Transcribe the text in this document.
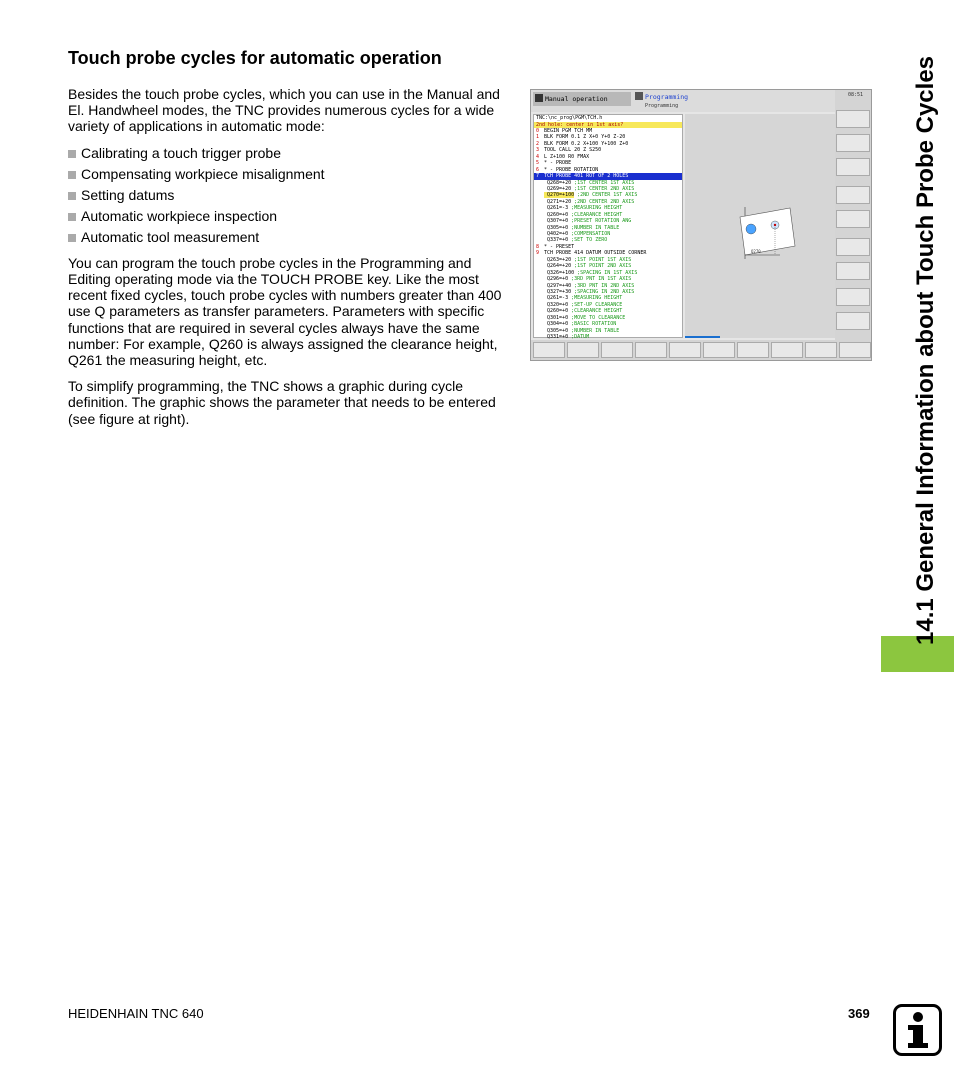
Touch probe cycles for automatic operation

Besides the touch probe cycles, which you can use in the Manual and El. Handwheel modes, the TNC provides numerous cycles for a wide variety of applications in automatic mode:

Calibrating a touch trigger probe
Compensating workpiece misalignment
Setting datums
Automatic workpiece inspection
Automatic tool measurement

You can program the touch probe cycles in the Programming and Editing operating mode via the TOUCH PROBE key. Like the most recent fixed cycles, touch probe cycles with numbers greater than 400 use Q parameters as transfer parameters. Parameters with specific functions that are required in several cycles always have the same number: For example, Q260 is always assigned the clearance height, Q261 the measuring height, etc.

To simplify programming, the TNC shows a graphic during cycle definition. The graphic shows the parameter that needs to be entered (see figure at right).

Manual operation	Programming
Programming
08:51
TNC:\nc_prog\PGM\TCH.h
2nd hole: center in 1st axis?
0 BEGIN PGM TCH MM
1 BLK FORM 0.1 Z X+0 Y+0 Z-20
2 BLK FORM 0.2 X+100 Y+100 Z+0
3 TOOL CALL 20 Z S250
4 L Z+100 R0 FMAX
5 * - PROBE
6 * - PROBE ROTATION
7 TCH PROBE 401 ROT OF 2 HOLES
Q268=+20 ;1ST CENTER 1ST AXIS
Q269=+20 ;1ST CENTER 2ND AXIS
Q270=+100 ;2ND CENTER 1ST AXIS
Q271=+20 ;2ND CENTER 2ND AXIS
Q261=-3 ;MEASURING HEIGHT
Q260=+0 ;CLEARANCE HEIGHT
Q307=+0 ;PRESET ROTATION ANG
Q305=+0 ;NUMBER IN TABLE
Q402=+0 ;COMPENSATION
Q337=+0 ;SET TO ZERO
8 * - PRESET
9 TCH PROBE 414 DATUM OUTSIDE CORNER
Q263=+20 ;1ST POINT 1ST AXIS
Q264=+20 ;1ST POINT 2ND AXIS
Q326=+100 ;SPACING IN 1ST AXIS
Q296=+0 ;3RD PNT IN 1ST AXIS
Q297=+40 ;3RD PNT IN 2ND AXIS
Q327=+30 ;SPACING IN 2ND AXIS
Q261=-3 ;MEASURING HEIGHT
Q320=+0 ;SET-UP CLEARANCE
Q260=+0 ;CLEARANCE HEIGHT
Q301=+0 ;MOVE TO CLEARANCE
Q304=+0 ;BASIC ROTATION
Q305=+0 ;NUMBER IN TABLE
Q331=+0 ;DATUM
Q270	14.1 General Information about Touch Probe Cycles
HEIDENHAIN TNC 640	369
